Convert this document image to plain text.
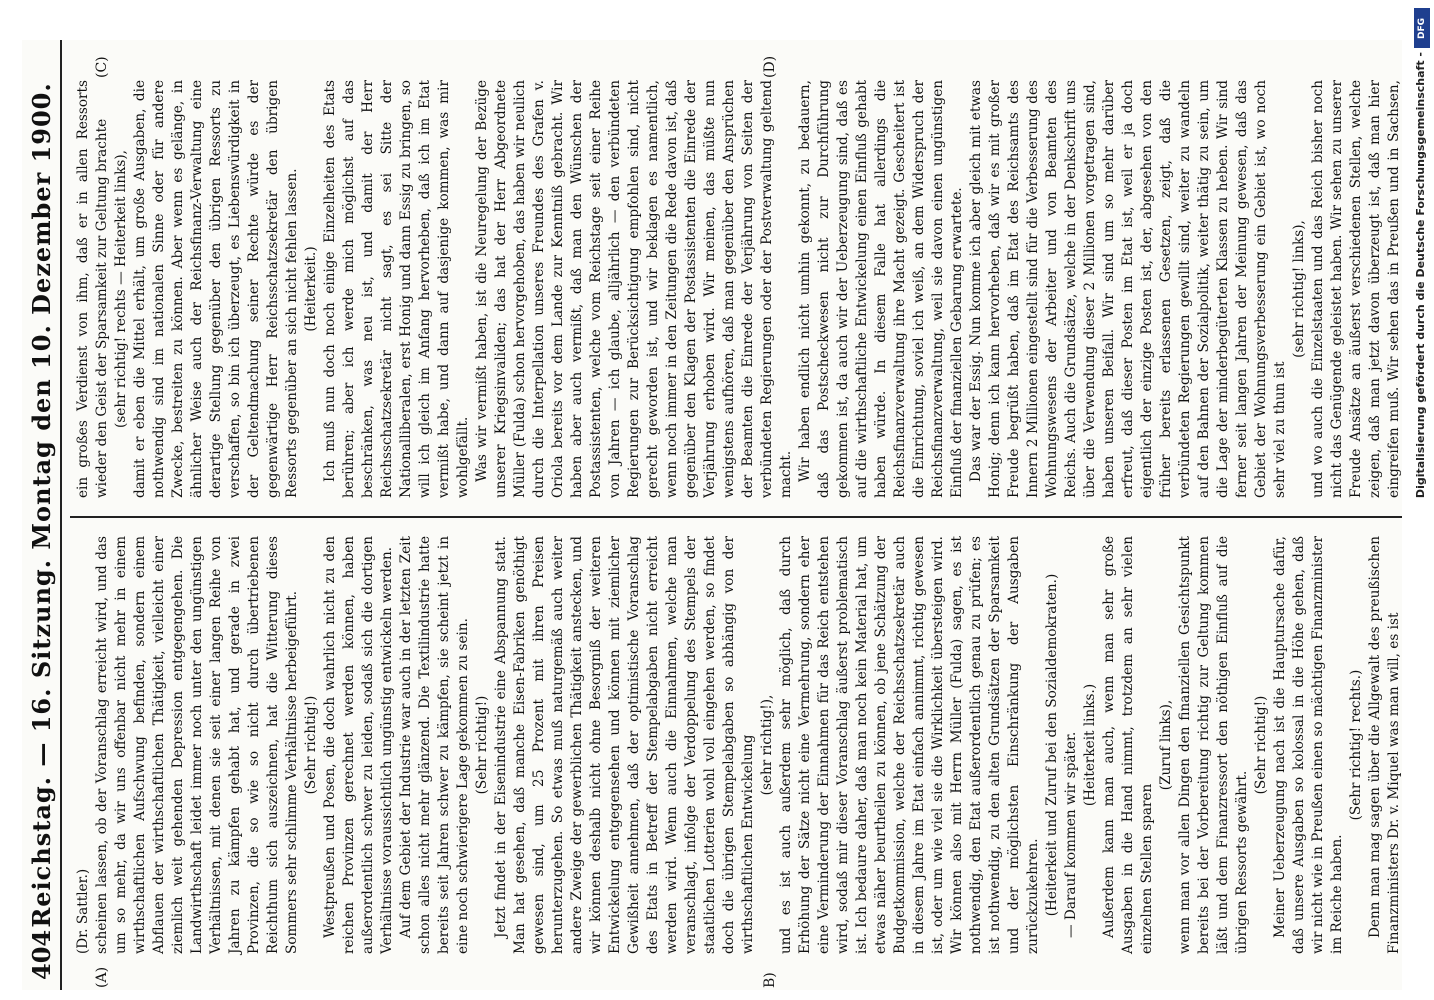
404
Reichstag. — 16. Sitzung. Montag den 10. Dezember 1900. (Dr. Sattler.) scheinen lassen, ob der Voranschlag erreicht wird, und das um so mehr, da wir uns offenbar nicht mehr in einem wirthschaftlichen Aufschwung befinden, sondern einem Abflauen der wirthschaftlichen Thätigkeit, vielleicht einer ziemlich weit gehenden Depression entgegengehen. Die Landwirthschaft leidet immer noch unter den ungünstigen Verhältnissen, mit denen sie seit einer langen Reihe von Jahren zu kämpfen gehabt hat, und gerade in zwei Provinzen, die so wie so nicht durch übertriebenen Reichthum sich auszeichnen, hat die Witterung dieses Sommers sehr schlimme Verhältnisse herbeigeführt. (Sehr richtig!) Westpreußen und Posen, die doch wahrlich nicht zu den reichen Provinzen gerechnet werden können, haben außerordentlich schwer zu leiden, sodaß sich die dortigen Verhältnisse voraussichtlich ungünstig entwickeln werden. Auf dem Gebiet der Industrie war auch in der letzten Zeit schon alles nicht mehr glänzend. Die Textilindustrie hatte bereits seit Jahren schwer zu kämpfen, sie scheint jetzt in eine noch schwierigere Lage gekommen zu sein. (Sehr richtig!) Jetzt findet in der Eisenindustrie eine Abspannung statt. Man hat gesehen, daß manche Eisen-Fabriken genöthigt gewesen sind, um 25 Prozent mit ihren Preisen herunterzugehen. So etwas muß naturgemäß auch weiter andere Zweige der gewerblichen Thätigkeit anstecken, und wir können deshalb nicht ohne Besorgniß der weiteren Entwickelung entgegensehen und können mit ziemlicher Gewißheit annehmen, daß der optimistische Voranschlag des Etats in Betreff der Stempelabgaben nicht erreicht werden wird. Wenn auch die Einnahmen, welche man veranschlagt, infolge der Verdoppelung des Stempels der staatlichen Lotterien wohl voll eingehen werden, so findet doch die übrigen Stempelabgaben so abhängig von der wirthschaftlichen Entwickelung (sehr richtig!), und es ist auch außerdem sehr möglich, daß durch Erhöhung der Sätze nicht eine Vermehrung, sondern eher eine Verminderung der Einnahmen für das Reich entstehen wird, sodaß mir dieser Voranschlag äußerst problematisch ist. Ich bedaure daher, daß man noch kein Material hat, um etwas näher beurtheilen zu können, ob jene Schätzung der Budgetkommission, welche der Reichsschatzsekretär auch in diesem Jahre im Etat einfach annimmt, richtig gewesen ist, oder um wie viel sie die Wirklichkeit übersteigen wird. Wir können also mit Herrn Müller (Fulda) sagen, es ist nothwendig, den Etat außerordentlich genau zu prüfen; es ist nothwendig, zu den alten Grundsätzen der Sparsamkeit und der möglichsten Einschränkung der Ausgaben zurückzukehren. (Heiterkeit und Zuruf bei den Sozialdemokraten.) — Darauf kommen wir später. (Heiterkeit links.) Außerdem kann man auch, wenn man sehr große Ausgaben in die Hand nimmt, trotzdem an sehr vielen einzelnen Stellen sparen

(Zuruf links), wenn man vor allen Dingen den finanziellen Gesichtspunkt bereits bei der Vorbereitung richtig zur Geltung kommen läßt und dem Finanzressort den nöthigen Einfluß auf die übrigen Ressorts gewährt.

(Sehr richtig!) Meiner Ueberzeugung nach ist die Hauptursache dafür, daß unsere Ausgaben so kolossal in die Höhe gehen, daß wir nicht wie in Preußen einen so mächtigen Finanzminister im Reiche haben.

(Sehr richtig! rechts.) Denn man mag sagen über die Allgewalt des preußischen Finanzministers Dr. v. Miquel was man will, es ist

ein großes Verdienst von ihm, daß er in allen Ressorts wieder den Geist der Sparsamkeit zur Geltung brachte (sehr richtig! rechts — Heiterkeit links), damit er eben die Mittel erhält, um große Ausgaben, die nothwendig sind im nationalen Sinne oder für andere Zwecke, bestreiten zu können. Aber wenn es gelänge, in ähnlicher Weise auch der Reichsfinanz-Verwaltung eine derartige Stellung gegenüber den übrigen Ressorts zu verschaffen, so bin ich überzeugt, es Liebenswürdigkeit in der Geltendmachung seiner Rechte würde es der gegenwärtige Herr Reichsschatzsekretär den übrigen Ressorts gegenüber an sich nicht fehlen lassen. (Heiterkeit.) Ich muß nun doch noch einige Einzelheiten des Etats berühren; aber ich werde mich möglichst auf das beschränken, was neu ist, und damit der Herr Reichsschatzsekretär nicht sagt, es sei Sitte der Nationalliberalen, erst Honig und dann Essig zu bringen, so will ich gleich im Anfang hervorheben, daß ich im Etat vermißt habe, und dann auf dasjenige kommen, was mir wohlgefällt. Was wir vermißt haben, ist die Neuregelung der Bezüge unserer Kriegsinvaliden; das hat der Herr Abgeordnete Müller (Fulda) schon hervorgehoben, das haben wir neulich durch die Interpellation unseres Freundes des Grafen v. Oriola bereits vor dem Lande zur Kenntniß gebracht. Wir haben aber auch vermißt, daß man den Wünschen der Postassistenten, welche vom Reichstage seit einer Reihe von Jahren — ich glaube, alljährlich — den verbündeten Regierungen zur Berücksichtigung empfohlen sind, nicht gerecht geworden ist, und wir beklagen es namentlich, wenn noch immer in den Zeitungen die Rede davon ist, daß gegenüber den Klagen der Postassistenten die Einrede der Verjährung erhoben wird. Wir meinen, das müßte nun wenigstens aufhören, daß man gegenüber den Ansprüchen der Beamten die Einrede der Verjährung von Seiten der verbündeten Regierungen oder der Postverwaltung geltend macht. Wir haben endlich nicht umhin gekonnt, zu bedauern, daß das Postscheckwesen nicht zur Durchführung gekommen ist, da auch wir der Ueberzeugung sind, daß es auf die wirthschaftliche Entwickelung einen Einfluß gehabt haben würde. In diesem Falle hat allerdings die Reichsfinanzverwaltung ihre Macht gezeigt. Gescheitert ist die Einrichtung, soviel ich weiß, an dem Widerspruch der Reichsfinanzverwaltung, weil sie davon einen ungünstigen Einfluß der finanziellen Gebarung erwartete. Das war der Essig. Nun komme ich aber gleich mit etwas Honig; denn ich kann hervorheben, daß wir es mit großer Freude begrüßt haben, daß im Etat des Reichsamts des Innern 2 Millionen eingestellt sind für die Verbesserung des Wohnungswesens der Arbeiter und von Beamten des Reichs. Auch die Grundsätze, welche in der Denkschrift uns über die Verwendung dieser 2 Millionen vorgetragen sind, haben unseren Beifall. Wir sind um so mehr darüber erfreut, daß dieser Posten im Etat ist, weil er ja doch eigentlich der einzige Posten ist, der, abgesehen von den früher bereits erlassenen Gesetzen, zeigt, daß die verbündeten Regierungen gewillt sind, weiter zu wandeln auf den Bahnen der Sozialpolitik, weiter thätig zu sein, um die Lage der minderbegüterten Klassen zu heben. Wir sind ferner seit langen Jahren der Meinung gewesen, daß das Gebiet der Wohnungsverbesserung ein Gebiet ist, wo noch sehr viel zu thun ist

(sehr richtig! links),

und wo auch die Einzelstaaten und das Reich bisher noch nicht das Genügende geleistet haben. Wir sehen zu unserer Freude Ansätze an äußerst verschiedenen Stellen, welche zeigen, daß man jetzt davon überzeugt ist, daß man hier eingreifen muß. Wir sehen das in Preußen und in Sachsen,

(A)	B)
(C)	(D)
DFG
Digitalisierung gefördert durch die Deutsche Forschungsgemeinschaft -
